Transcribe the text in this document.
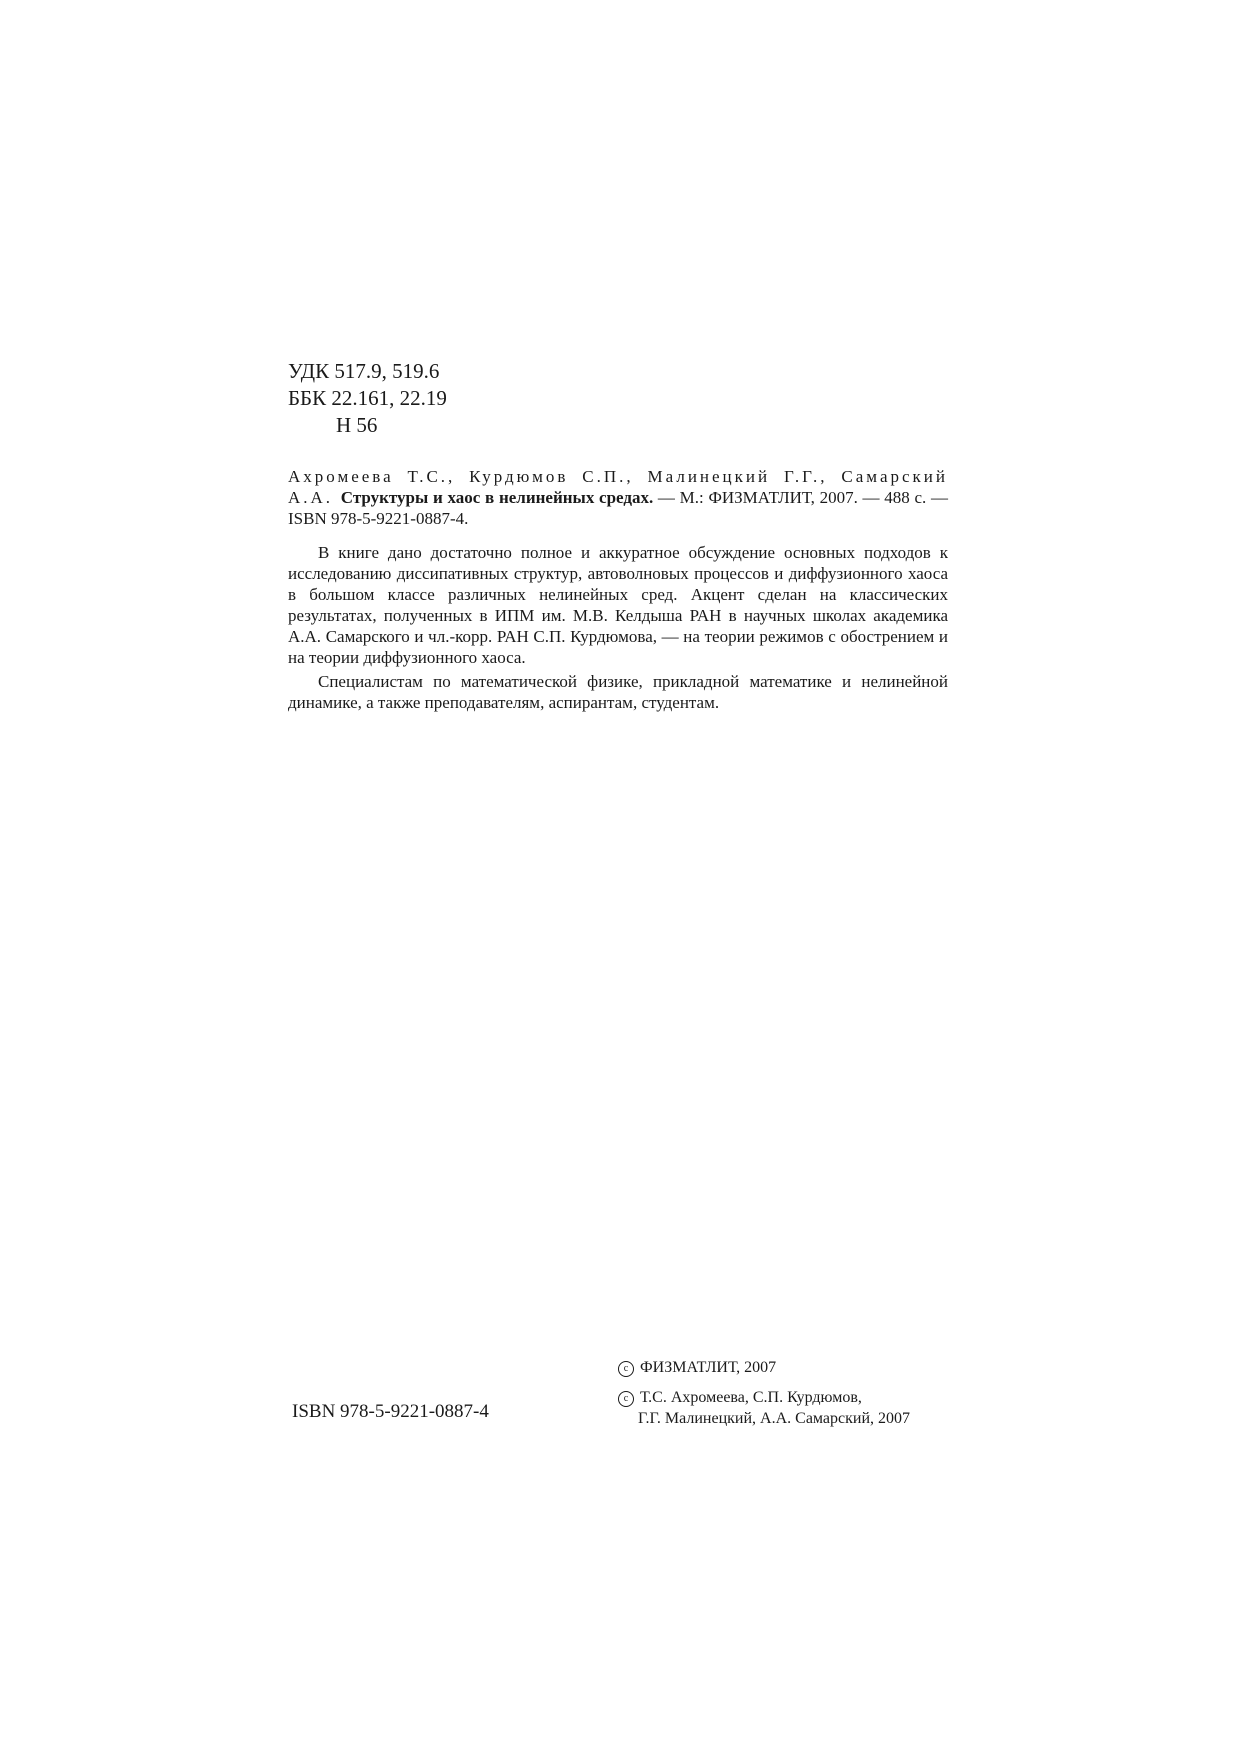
УДК 517.9, 519.6
ББК 22.161, 22.19
Н 56
Ахромеева Т.С., Курдюмов С.П., Малинецкий Г.Г., Самарский А.А. Структуры и хаос в нелинейных средах. — М.: ФИЗМАТЛИТ, 2007. — 488 с. — ISBN 978-5-9221-0887-4.

В книге дано достаточно полное и аккуратное обсуждение основных подходов к исследованию диссипативных структур, автоволновых процессов и диффузионного хаоса в большом классе различных нелинейных сред. Акцент сделан на классических результатах, полученных в ИПМ им. М.В. Келдыша РАН в научных школах академика А.А. Самарского и чл.-корр. РАН С.П. Курдюмова, — на теории режимов с обострением и на теории диффузионного хаоса.

Специалистам по математической физике, прикладной математике и нелинейной динамике, а также преподавателям, аспирантам, студентам.

ISBN 978-5-9221-0887-4
c ФИЗМАТЛИТ, 2007
c Т.С. Ахромеева, С.П. Курдюмов,
Г.Г. Малинецкий, А.А. Самарский, 2007
